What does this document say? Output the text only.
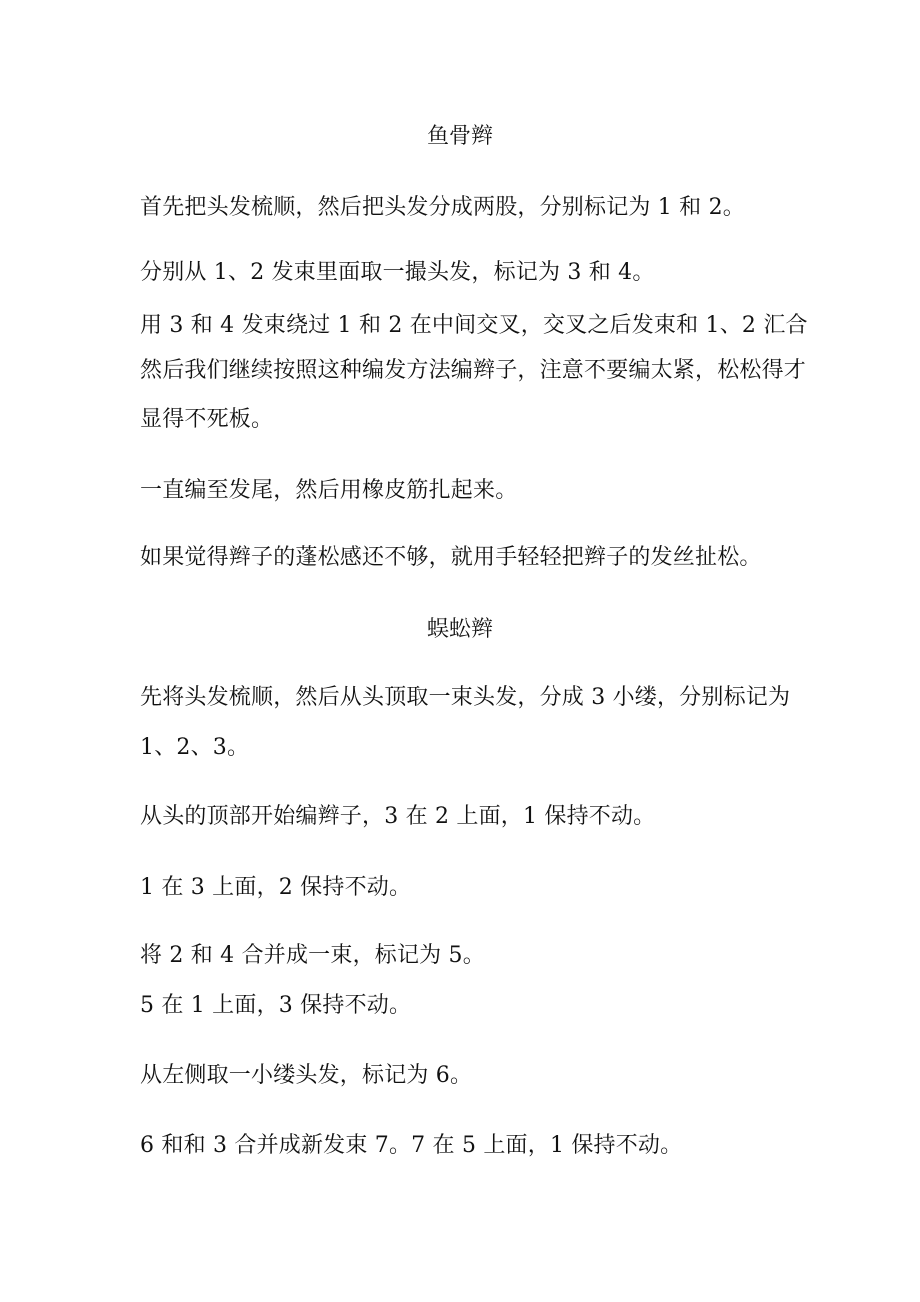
鱼骨辫
首先把头发梳顺，然后把头发分成两股，分别标记为 1 和 2。
分别从 1、2 发束里面取一撮头发，标记为 3 和 4。
用 3 和 4 发束绕过 1 和 2 在中间交叉，交叉之后发束和 1、2 汇合
然后我们继续按照这种编发方法编辫子，注意不要编太紧，松松得才
显得不死板。
一直编至发尾，然后用橡皮筋扎起来。
如果觉得辫子的蓬松感还不够，就用手轻轻把辫子的发丝扯松。
蜈蚣辫
先将头发梳顺，然后从头顶取一束头发，分成 3 小缕，分别标记为
1、2、3。
从头的顶部开始编辫子，3 在 2 上面，1 保持不动。
1 在 3 上面，2 保持不动。
将 2 和 4 合并成一束，标记为 5。
5 在 1 上面，3 保持不动。
从左侧取一小缕头发，标记为 6。
6 和和 3 合并成新发束 7。7 在 5 上面，1 保持不动。
